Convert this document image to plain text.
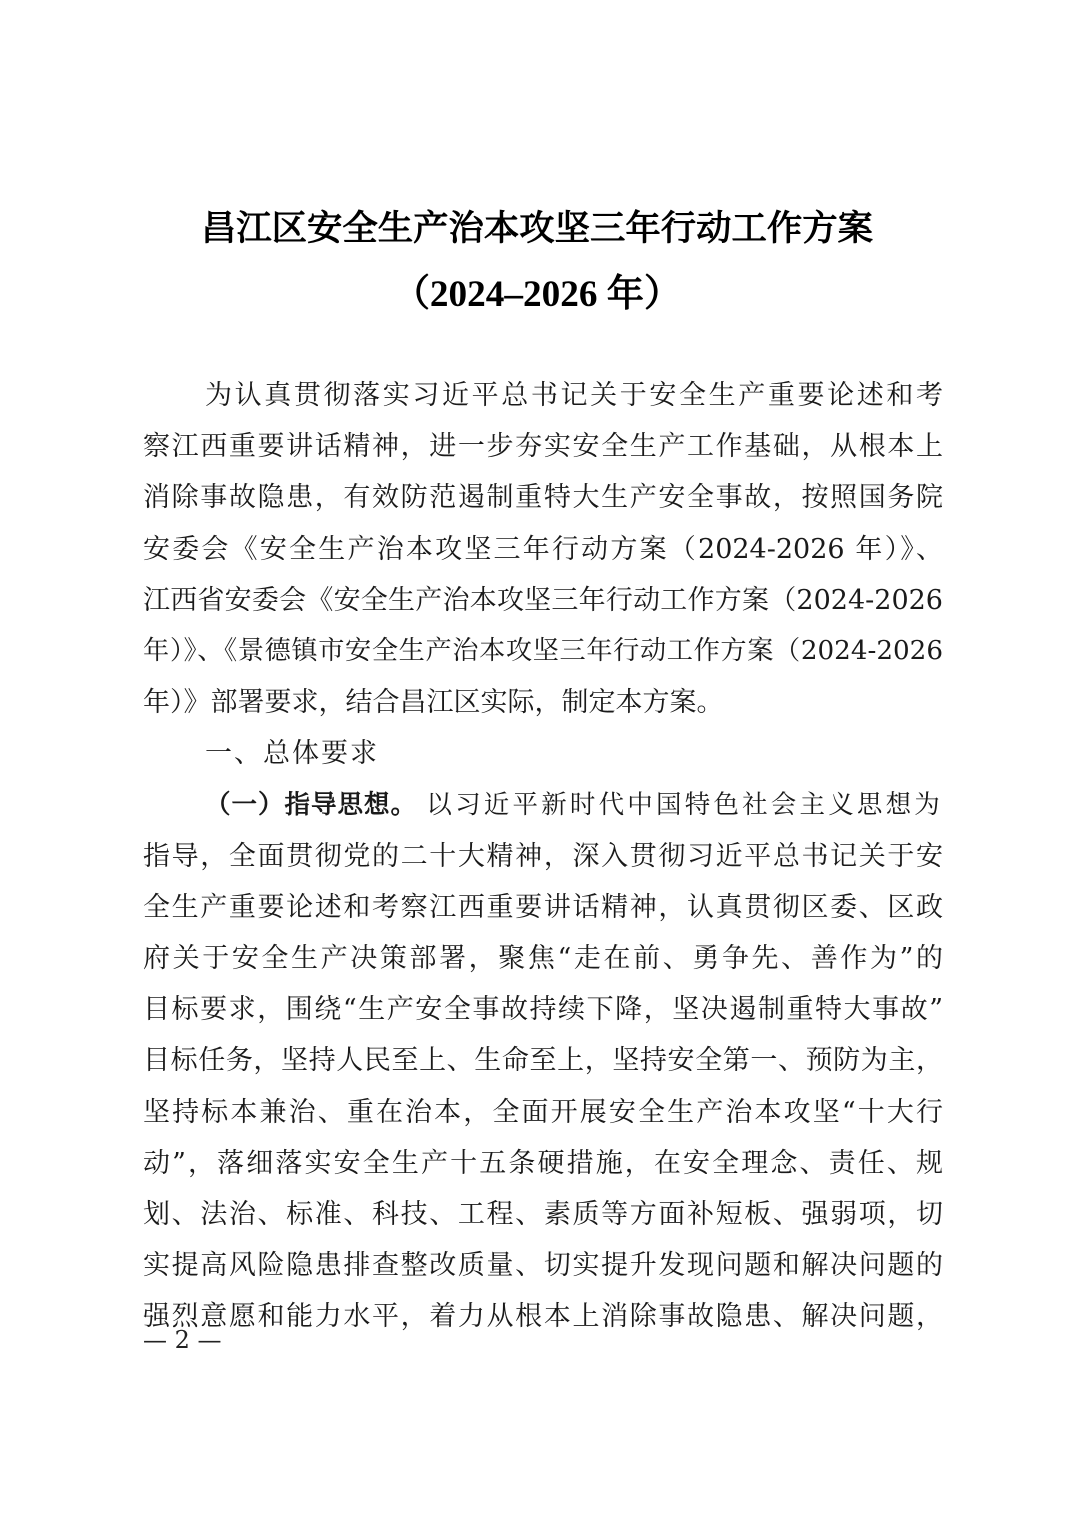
昌江区安全生产治本攻坚三年行动工作方案
（2024–2026 年）
为认真贯彻落实习近平总书记关于安全生产重要论述和考
察江西重要讲话精神，进一步夯实安全生产工作基础，从根本上
消除事故隐患，有效防范遏制重特大生产安全事故，按照国务院
安委会《安全生产治本攻坚三年行动方案（2024-2026 年）》、
江西省安委会《安全生产治本攻坚三年行动工作方案（2024-2026
年）》、《景德镇市安全生产治本攻坚三年行动工作方案（2024-2026
年）》部署要求，结合昌江区实际，制定本方案。
一、总体要求
（一）指导思想。 以习近平新时代中国特色社会主义思想为
指导，全面贯彻党的二十大精神，深入贯彻习近平总书记关于安
全生产重要论述和考察江西重要讲话精神，认真贯彻区委、区政
府关于安全生产决策部署，聚焦“走在前、勇争先、善作为”的
目标要求，围绕“生产安全事故持续下降，坚决遏制重特大事故”
目标任务，坚持人民至上、生命至上，坚持安全第一、预防为主，
坚持标本兼治、重在治本，全面开展安全生产治本攻坚“十大行
动”，落细落实安全生产十五条硬措施，在安全理念、责任、规
划、法治、标准、科技、工程、素质等方面补短板、强弱项，切
实提高风险隐患排查整改质量、切实提升发现问题和解决问题的
强烈意愿和能力水平，着力从根本上消除事故隐患、解决问题，
— 2 —
